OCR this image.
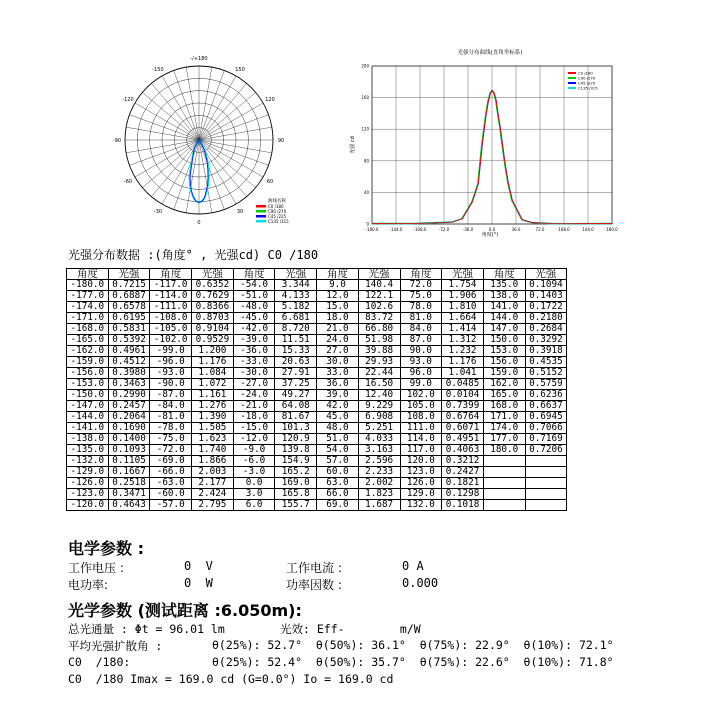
-/+180
-150	150
-120	120
-90	90
-60	60
-30	30
0
曲线名称
C0 /180
C90 /270
C45 /225
C135 /315
光强分布曲线(直角坐标系)
-180.0	-144.0	-108.0	-72.0	-36.0	0.0	36.0	72.0	108.0	144.0	180.0
0
40
80
120
160
200
角度(°)
光强 cd
C0 /180
C90 /270
C45 /225
C135 /315
光强分布数据 :(角度° , 光强cd) C0 /180
角度	光强	角度	光强	角度	光强	角度	光强	角度	光强	角度	光强
-180.0	0.7215	-117.0	0.6352	-54.0	3.344	9.0	140.4	72.0	1.754	135.0	0.1094
-177.0	0.6887	-114.0	0.7629	-51.0	4.133	12.0	122.1	75.0	1.906	138.0	0.1403
-174.0	0.6578	-111.0	0.8366	-48.0	5.182	15.0	102.6	78.0	1.810	141.0	0.1722
-171.0	0.6195	-108.0	0.8703	-45.0	6.681	18.0	83.72	81.0	1.664	144.0	0.2180
-168.0	0.5831	-105.0	0.9104	-42.0	8.720	21.0	66.80	84.0	1.414	147.0	0.2684
-165.0	0.5392	-102.0	0.9529	-39.0	11.51	24.0	51.98	87.0	1.312	150.0	0.3292
-162.0	0.4961	-99.0	1.200	-36.0	15.33	27.0	39.88	90.0	1.232	153.0	0.3918
-159.0	0.4512	-96.0	1.176	-33.0	20.63	30.0	29.93	93.0	1.176	156.0	0.4535
-156.0	0.3980	-93.0	1.084	-30.0	27.91	33.0	22.44	96.0	1.041	159.0	0.5152
-153.0	0.3463	-90.0	1.072	-27.0	37.25	36.0	16.50	99.0	0.0485	162.0	0.5759
-150.0	0.2990	-87.0	1.161	-24.0	49.27	39.0	12.40	102.0	0.0104	165.0	0.6236
-147.0	0.2457	-84.0	1.276	-21.0	64.08	42.0	9.229	105.0	0.7399	168.0	0.6637
-144.0	0.2064	-81.0	1.390	-18.0	81.67	45.0	6.908	108.0	0.6764	171.0	0.6945
-141.0	0.1690	-78.0	1.505	-15.0	101.3	48.0	5.251	111.0	0.6071	174.0	0.7066
-138.0	0.1400	-75.0	1.623	-12.0	120.9	51.0	4.033	114.0	0.4951	177.0	0.7169
-135.0	0.1093	-72.0	1.740	-9.0	139.8	54.0	3.163	117.0	0.4063	180.0	0.7206
-132.0	0.1105	-69.0	1.866	-6.0	154.9	57.0	2.596	120.0	0.3212		
-129.0	0.1667	-66.0	2.003	-3.0	165.2	60.0	2.233	123.0	0.2427		
-126.0	0.2518	-63.0	2.177	0.0	169.0	63.0	2.002	126.0	0.1821		
-123.0	0.3471	-60.0	2.424	3.0	165.8	66.0	1.823	129.0	0.1298		
-120.0	0.4643	-57.0	2.795	6.0	155.7	69.0	1.687	132.0	0.1018		
电学参数 :
工作电压 :	0  V	工作电流 :	0 A
电功率:	0  W	功率因数 :	0.000
光学参数 (测试距离 :6.050m):
总光通量 : Φt = 96.01 lm	光效: Eff-        m/W
平均光强扩散角 :	θ(25%): 52.7°  θ(50%): 36.1°  θ(75%): 22.9°  θ(10%): 72.1°
C0  /180:	θ(25%): 52.4°  θ(50%): 35.7°  θ(75%): 22.6°  θ(10%): 71.8°
C0  /180 Imax = 169.0 cd (G=0.0°) Io = 169.0 cd
